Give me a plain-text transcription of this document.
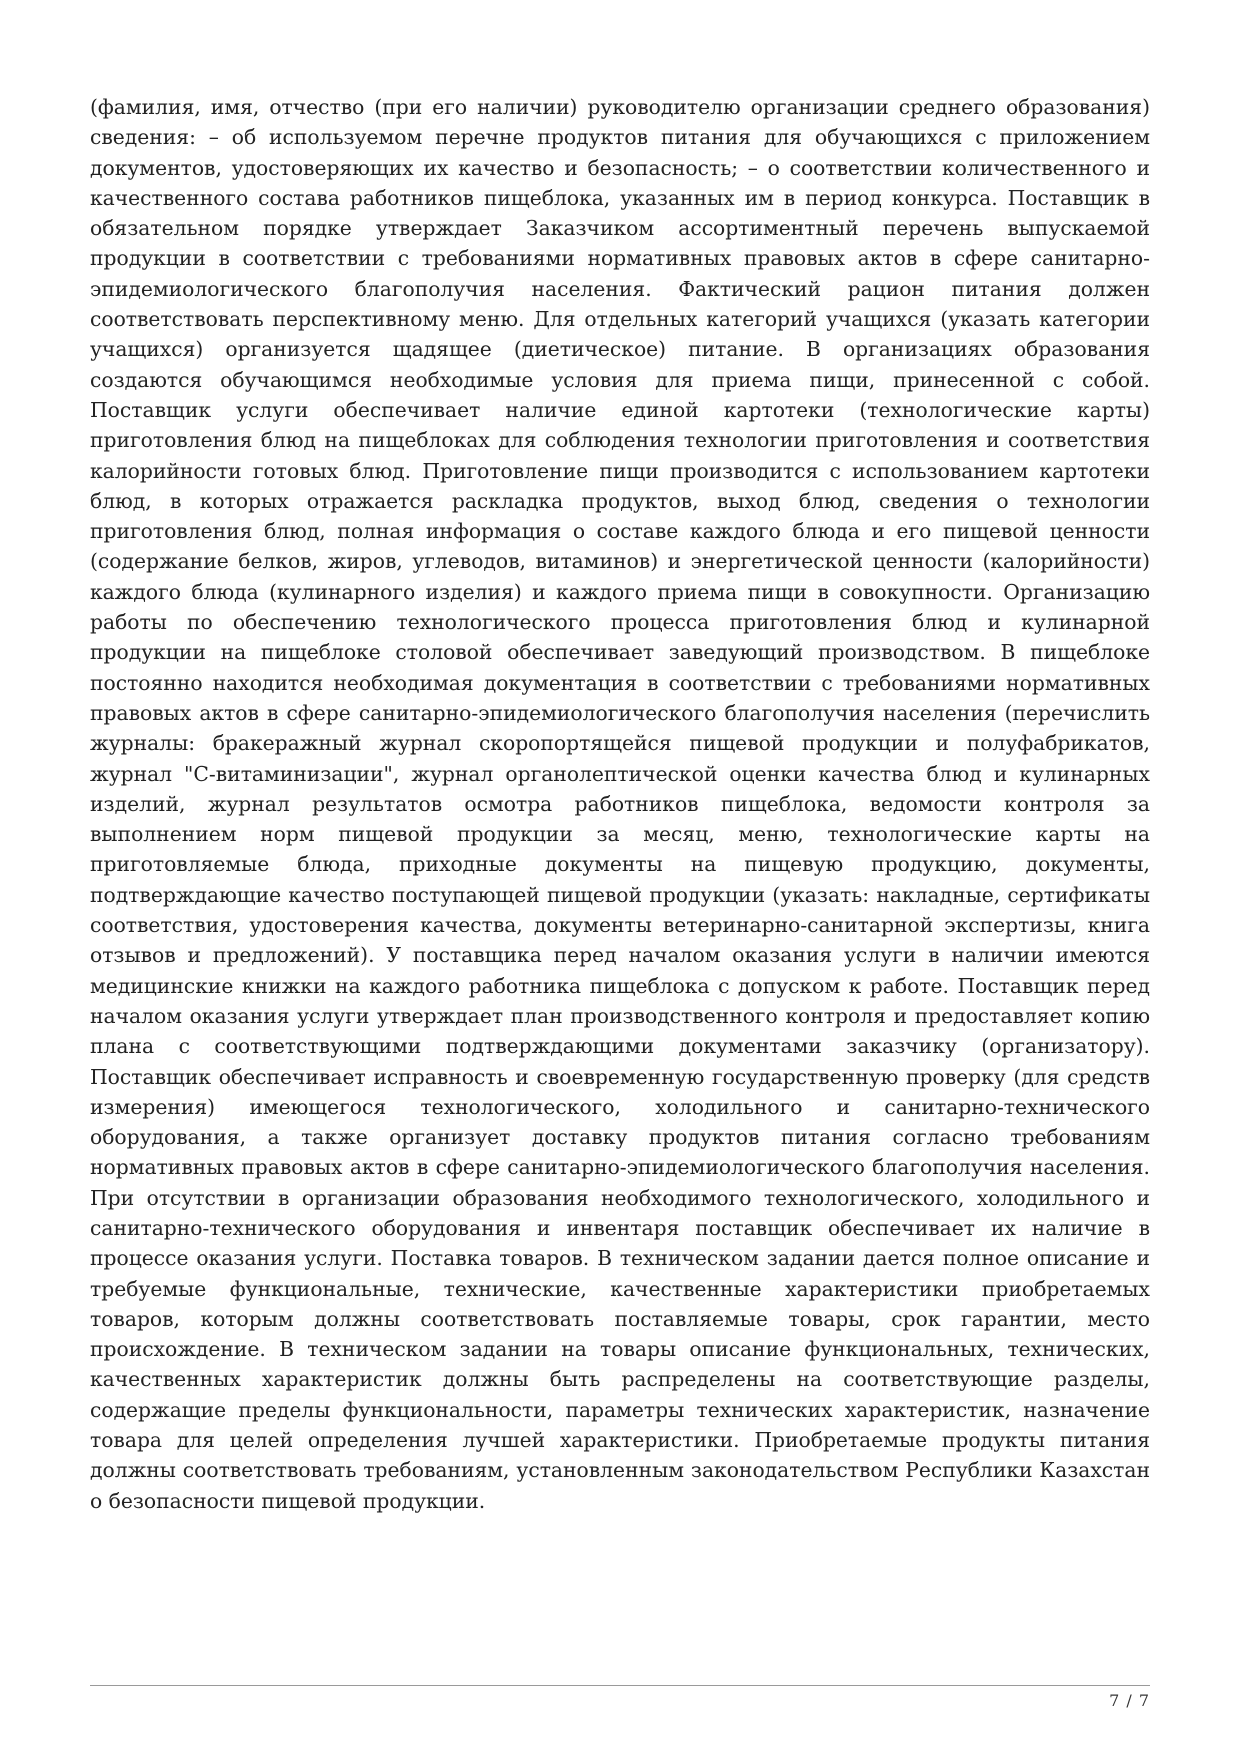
(фамилия, имя, отчество (при его наличии) руководителю организации среднего образования) сведения: – об используемом перечне продуктов питания для обучающихся с приложением документов, удостоверяющих их качество и безопасность; – о соответствии количественного и качественного состава работников пищеблока, указанных им в период конкурса. Поставщик в обязательном порядке утверждает Заказчиком ассортиментный перечень выпускаемой продукции в соответствии с требованиями нормативных правовых актов в сфере санитарно-эпидемиологического благополучия населения. Фактический рацион питания должен соответствовать перспективному меню. Для отдельных категорий учащихся (указать категории учащихся) организуется щадящее (диетическое) питание. В организациях образования создаются обучающимся необходимые условия для приема пищи, принесенной с собой. Поставщик услуги обеспечивает наличие единой картотеки (технологические карты) приготовления блюд на пищеблоках для соблюдения технологии приготовления и соответствия калорийности готовых блюд. Приготовление пищи производится с использованием картотеки блюд, в которых отражается раскладка продуктов, выход блюд, сведения о технологии приготовления блюд, полная информация о составе каждого блюда и его пищевой ценности (содержание белков, жиров, углеводов, витаминов) и энергетической ценности (калорийности) каждого блюда (кулинарного изделия) и каждого приема пищи в совокупности. Организацию работы по обеспечению технологического процесса приготовления блюд и кулинарной продукции на пищеблоке столовой обеспечивает заведующий производством. В пищеблоке постоянно находится необходимая документация в соответствии с требованиями нормативных правовых актов в сфере санитарно-эпидемиологического благополучия населения (перечислить журналы: бракеражный журнал скоропортящейся пищевой продукции и полуфабрикатов, журнал "С-витаминизации", журнал органолептической оценки качества блюд и кулинарных изделий, журнал результатов осмотра работников пищеблока, ведомости контроля за выполнением норм пищевой продукции за месяц, меню, технологические карты на приготовляемые блюда, приходные документы на пищевую продукцию, документы, подтверждающие качество поступающей пищевой продукции (указать: накладные, сертификаты соответствия, удостоверения качества, документы ветеринарно-санитарной экспертизы, книга отзывов и предложений). У поставщика перед началом оказания услуги в наличии имеются медицинские книжки на каждого работника пищеблока с допуском к работе. Поставщик перед началом оказания услуги утверждает план производственного контроля и предоставляет копию плана с соответствующими подтверждающими документами заказчику (организатору). Поставщик обеспечивает исправность и своевременную государственную проверку (для средств измерения) имеющегося технологического, холодильного и санитарно-технического оборудования, а также организует доставку продуктов питания согласно требованиям нормативных правовых актов в сфере санитарно-эпидемиологического благополучия населения. При отсутствии в организации образования необходимого технологического, холодильного и санитарно-технического оборудования и инвентаря поставщик обеспечивает их наличие в процессе оказания услуги. Поставка товаров. В техническом задании дается полное описание и требуемые функциональные, технические, качественные характеристики приобретаемых товаров, которым должны соответствовать поставляемые товары, срок гарантии, место происхождение. В техническом задании на товары описание функциональных, технических, качественных характеристик должны быть распределены на соответствующие разделы, содержащие пределы функциональности, параметры технических характеристик, назначение товара для целей определения лучшей характеристики. Приобретаемые продукты питания должны соответствовать требованиям, установленным законодательством Республики Казахстан о безопасности пищевой продукции.

7 / 7
